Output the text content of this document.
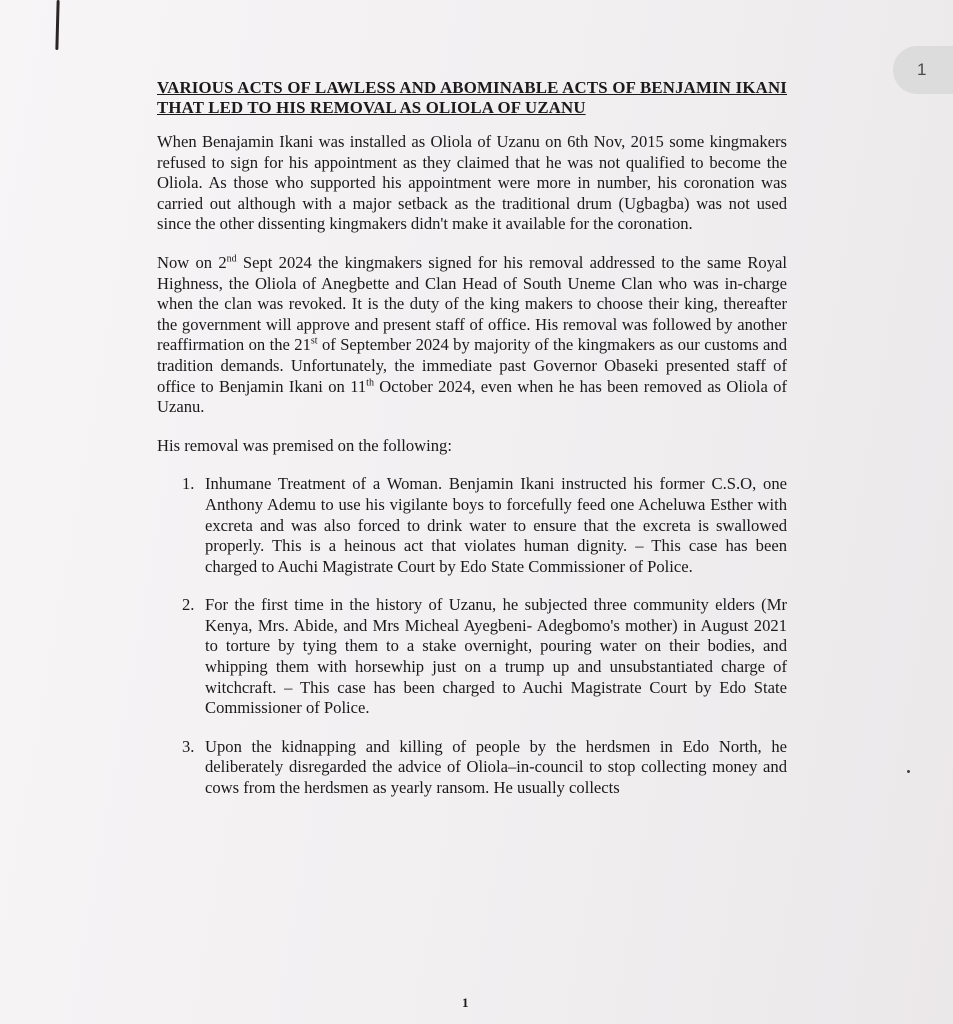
1
VARIOUS ACTS OF LAWLESS AND ABOMINABLE ACTS OF BENJAMIN IKANI THAT LED TO HIS REMOVAL AS OLIOLA OF UZANU

When Benajamin Ikani was installed as Oliola of Uzanu on 6th Nov, 2015 some kingmakers refused to sign for his appointment as they claimed that he was not qualified to become the Oliola. As those who supported his appointment were more in number, his coronation was carried out although with a major setback as the traditional drum (Ugbagba) was not used since the other dissenting kingmakers didn't make it available for the coronation.

Now on 2nd Sept 2024 the kingmakers signed for his removal addressed to the same Royal Highness, the Oliola of Anegbette and Clan Head of South Uneme Clan who was in-charge when the clan was revoked. It is the duty of the king makers to choose their king, thereafter the government will approve and present staff of office. His removal was followed by another reaffirmation on the 21st of September 2024 by majority of the kingmakers as our customs and tradition demands. Unfortunately, the immediate past Governor Obaseki presented staff of office to Benjamin Ikani on 11th October 2024, even when he has been removed as Oliola of Uzanu.

His removal was premised on the following:
1. Inhumane Treatment of a Woman. Benjamin Ikani instructed his former C.S.O, one Anthony Ademu to use his vigilante boys to forcefully feed one Acheluwa Esther with excreta and was also forced to drink water to ensure that the excreta is swallowed properly. This is a heinous act that violates human dignity. – This case has been charged to Auchi Magistrate Court by Edo State Commissioner of Police.
2. For the first time in the history of Uzanu, he subjected three community elders (Mr Kenya, Mrs. Abide, and Mrs Micheal Ayegbeni- Adegbomo's mother) in August 2021 to torture by tying them to a stake overnight, pouring water on their bodies, and whipping them with horsewhip just on a trump up and unsubstantiated charge of witchcraft. – This case has been charged to Auchi Magistrate Court by Edo State Commissioner of Police.
3. Upon the kidnapping and killing of people by the herdsmen in Edo North, he deliberately disregarded the advice of Oliola–in-council to stop collecting money and cows from the herdsmen as yearly ransom. He usually collects
1
